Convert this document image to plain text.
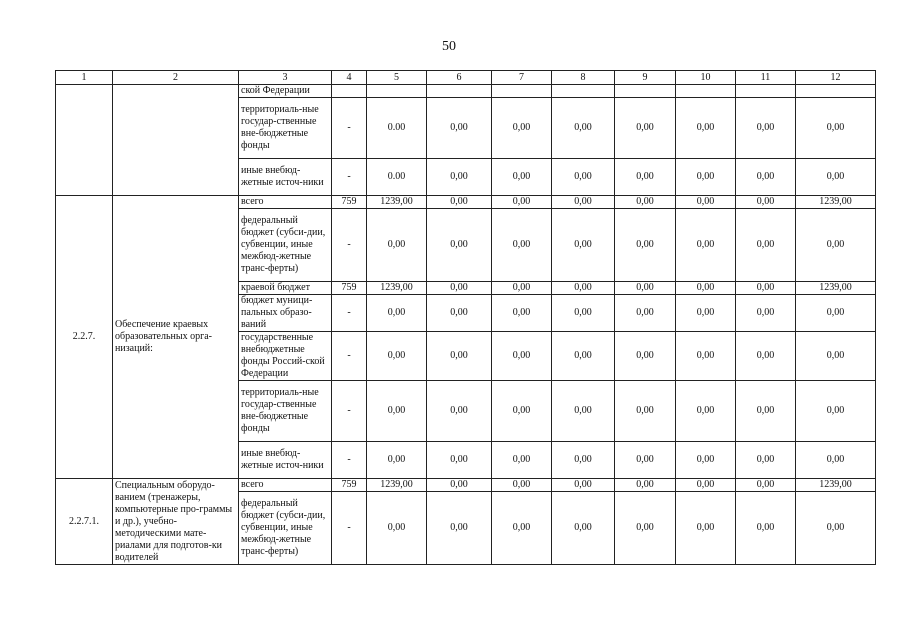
50
1	2	3	4	5	6	7	8	9	10	11	12
		ской Федерации									
		территориаль-ные государ-ственные вне-бюджетные фонды	-	0.00	0,00	0,00	0,00	0,00	0,00	0,00	0,00
		иные внебюд-жетные источ-ники	-	0.00	0,00	0,00	0,00	0,00	0,00	0,00	0,00
2.2.7.	Обеспечение краевых образовательных орга-низаций:	всего	759	1239,00	0,00	0,00	0,00	0,00	0,00	0,00	1239,00
		федеральный бюджет (субси-дии, субвенции, иные межбюд-жетные транс-ферты)	-	0,00	0,00	0,00	0,00	0,00	0,00	0,00	0,00
		краевой бюджет	759	1239,00	0,00	0,00	0,00	0,00	0,00	0,00	1239,00
		бюджет муници-пальных образо-ваний	-	0,00	0,00	0,00	0,00	0,00	0,00	0,00	0,00
		государственные внебюджетные фонды Россий-ской Федерации	-	0,00	0,00	0,00	0,00	0,00	0,00	0,00	0,00
		территориаль-ные государ-ственные вне-бюджетные фонды	-	0,00	0,00	0,00	0,00	0,00	0,00	0,00	0,00
		иные внебюд-жетные источ-ники	-	0,00	0,00	0,00	0,00	0,00	0,00	0,00	0,00
2.2.7.1.	Специальным оборудо-ванием (тренажеры, компьютерные про-граммы и др.), учебно-методическими мате-риалами для подготов-ки водителей	всего	759	1239,00	0,00	0,00	0,00	0,00	0,00	0,00	1239,00
		федеральный бюджет (субси-дии, субвенции, иные межбюд-жетные транс-ферты)	-	0,00	0,00	0,00	0,00	0,00	0,00	0,00	0,00
